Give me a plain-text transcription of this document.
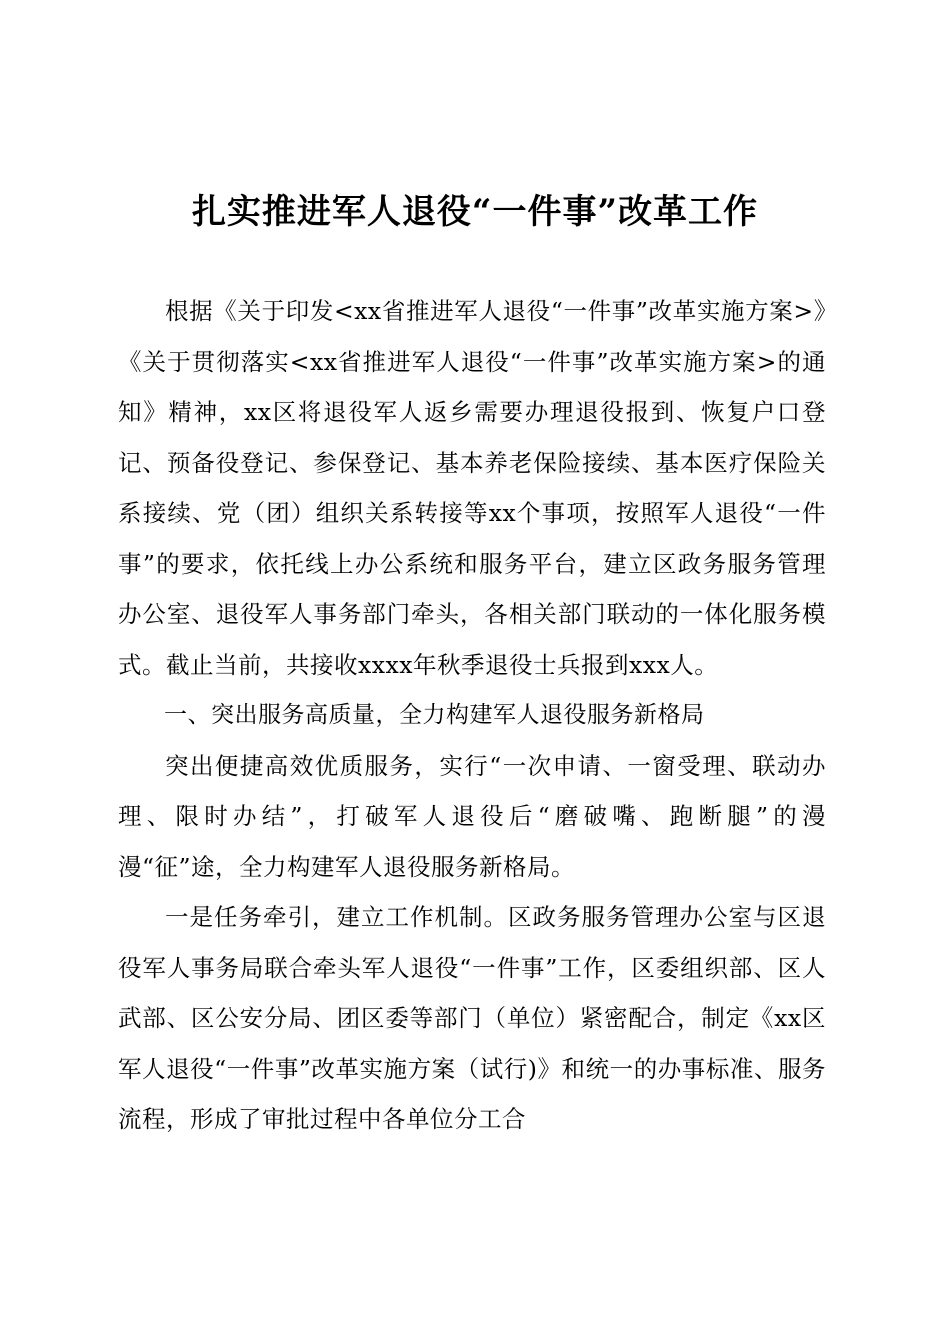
扎实推进军人退役“一件事”改革工作

根据《关于印发<xx省推进军人退役“一件事”改革实施方案>》《关于贯彻落实<xx省推进军人退役“一件事”改革实施方案>的通知》精神，xx区将退役军人返乡需要办理退役报到、恢复户口登记、预备役登记、参保登记、基本养老保险接续、基本医疗保险关系接续、党（团）组织关系转接等xx个事项，按照军人退役“一件事”的要求，依托线上办公系统和服务平台，建立区政务服务管理办公室、退役军人事务部门牵头，各相关部门联动的一体化服务模式。截止当前，共接收xxxx年秋季退役士兵报到xxx人。

一、突出服务高质量，全力构建军人退役服务新格局

突出便捷高效优质服务，实行“一次申请、一窗受理、联动办理、限时办结”，打破军人退役后“磨破嘴、跑断腿”的漫漫“征”途，全力构建军人退役服务新格局。

一是任务牵引，建立工作机制。区政务服务管理办公室与区退役军人事务局联合牵头军人退役“一件事”工作，区委组织部、区人武部、区公安分局、团区委等部门（单位）紧密配合，制定《xx区军人退役“一件事”改革实施方案（试行)》和统一的办事标准、服务流程，形成了审批过程中各单位分工合
